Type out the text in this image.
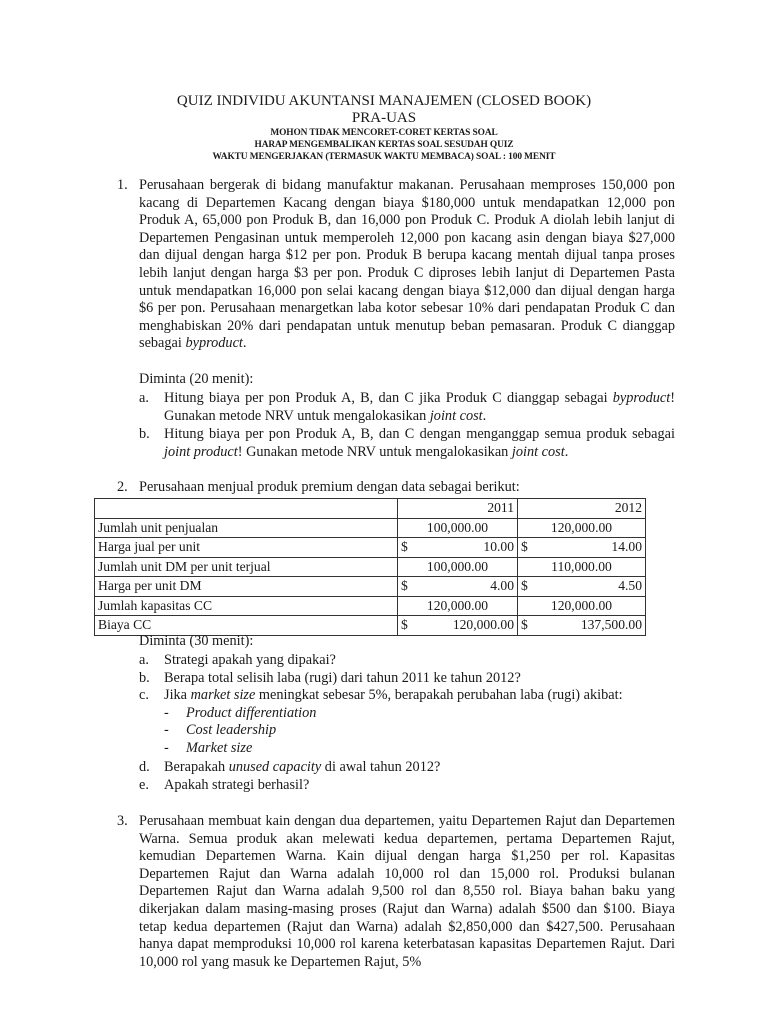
QUIZ INDIVIDU AKUNTANSI MANAJEMEN (CLOSED BOOK)
PRA-UAS
MOHON TIDAK MENCORET-CORET KERTAS SOAL
HARAP MENGEMBALIKAN KERTAS SOAL SESUDAH QUIZ
WAKTU MENGERJAKAN (TERMASUK WAKTU MEMBACA) SOAL : 100 MENIT
1. Perusahaan bergerak di bidang manufaktur makanan. Perusahaan memproses 150,000 pon kacang di Departemen Kacang dengan biaya $180,000 untuk mendapatkan 12,000 pon Produk A, 65,000 pon Produk B, dan 16,000 pon Produk C. Produk A diolah lebih lanjut di Departemen Pengasinan untuk memperoleh 12,000 pon kacang asin dengan biaya $27,000 dan dijual dengan harga $12 per pon. Produk B berupa kacang mentah dijual tanpa proses lebih lanjut dengan harga $3 per pon. Produk C diproses lebih lanjut di Departemen Pasta untuk mendapatkan 16,000 pon selai kacang dengan biaya $12,000 dan dijual dengan harga $6 per pon. Perusahaan menargetkan laba kotor sebesar 10% dari pendapatan Produk C dan menghabiskan 20% dari pendapatan untuk menutup beban pemasaran. Produk C dianggap sebagai byproduct.
Diminta (20 menit):
a. Hitung biaya per pon Produk A, B, dan C jika Produk C dianggap sebagai byproduct! Gunakan metode NRV untuk mengalokasikan joint cost.
b. Hitung biaya per pon Produk A, B, dan C dengan menganggap semua produk sebagai joint product! Gunakan metode NRV untuk mengalokasikan joint cost.
2. Perusahaan menjual produk premium dengan data sebagai berikut:
	2011		2012	
Jumlah unit penjualan	100,000.00		120,000.00	
Harga jual per unit	$	10.00	$	14.00
Jumlah unit DM per unit terjual	100,000.00		110,000.00	
Harga per unit DM	$	4.00	$	4.50
Jumlah kapasitas CC	120,000.00		120,000.00	
Biaya CC	$	120,000.00	$	137,500.00
Diminta (30 menit):
a. Strategi apakah yang dipakai?
b. Berapa total selisih laba (rugi) dari tahun 2011 ke tahun 2012?
c. Jika market size meningkat sebesar 5%, berapakah perubahan laba (rugi) akibat:
- Product differentiation
- Cost leadership
- Market size
d. Berapakah unused capacity di awal tahun 2012?
e. Apakah strategi berhasil?
3. Perusahaan membuat kain dengan dua departemen, yaitu Departemen Rajut dan Departemen Warna. Semua produk akan melewati kedua departemen, pertama Departemen Rajut, kemudian Departemen Warna. Kain dijual dengan harga $1,250 per rol. Kapasitas Departemen Rajut dan Warna adalah 10,000 rol dan 15,000 rol. Produksi bulanan Departemen Rajut dan Warna adalah 9,500 rol dan 8,550 rol. Biaya bahan baku yang dikerjakan dalam masing-masing proses (Rajut dan Warna) adalah $500 dan $100. Biaya tetap kedua departemen (Rajut dan Warna) adalah $2,850,000 dan $427,500. Perusahaan hanya dapat memproduksi 10,000 rol karena keterbatasan kapasitas Departemen Rajut. Dari 10,000 rol yang masuk ke Departemen Rajut, 5%
